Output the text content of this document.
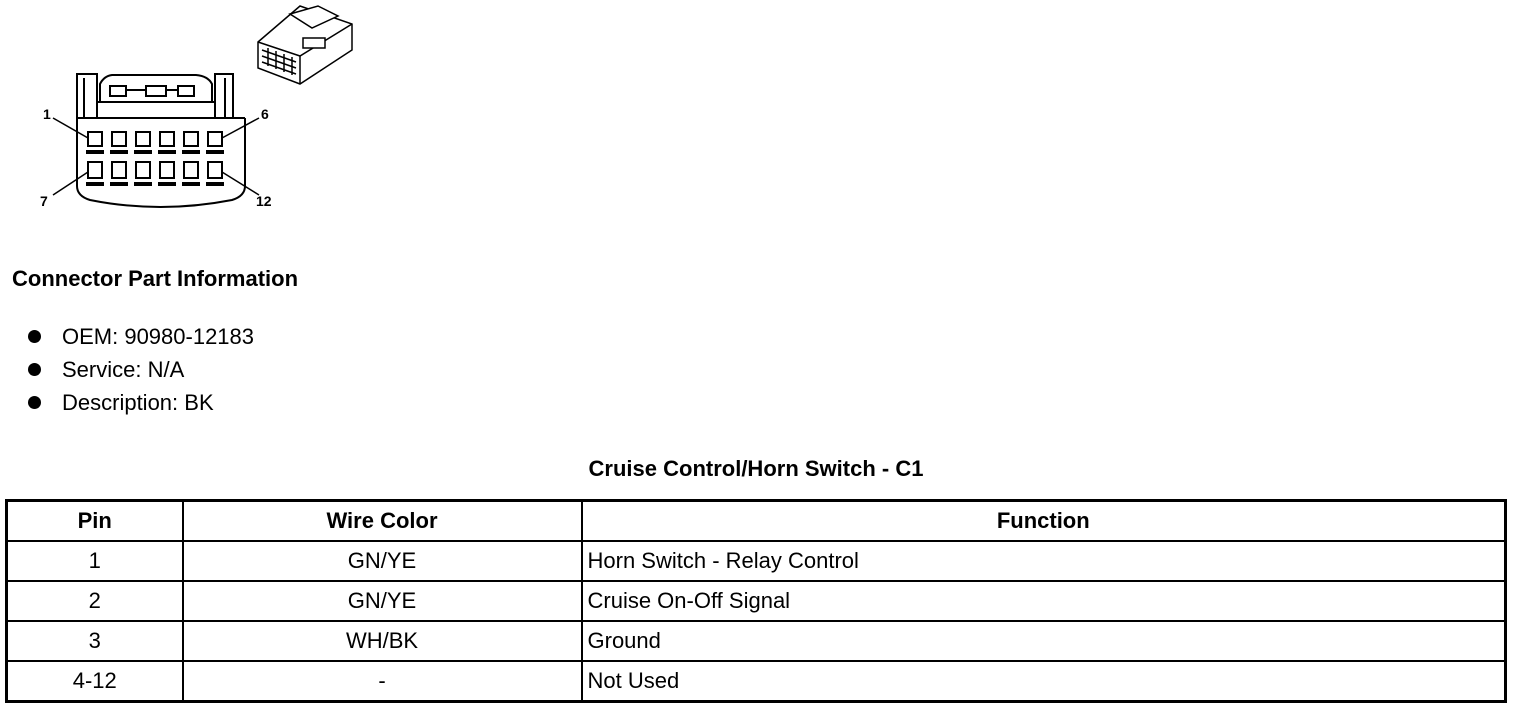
1	6
7	12
Connector Part Information
OEM: 90980-12183
Service: N/A
Description: BK
Cruise Control/Horn Switch - C1
Pin	Wire Color	Function
1	GN/YE	Horn Switch - Relay Control
2	GN/YE	Cruise On-Off Signal
3	WH/BK	Ground
4-12	-	Not Used
